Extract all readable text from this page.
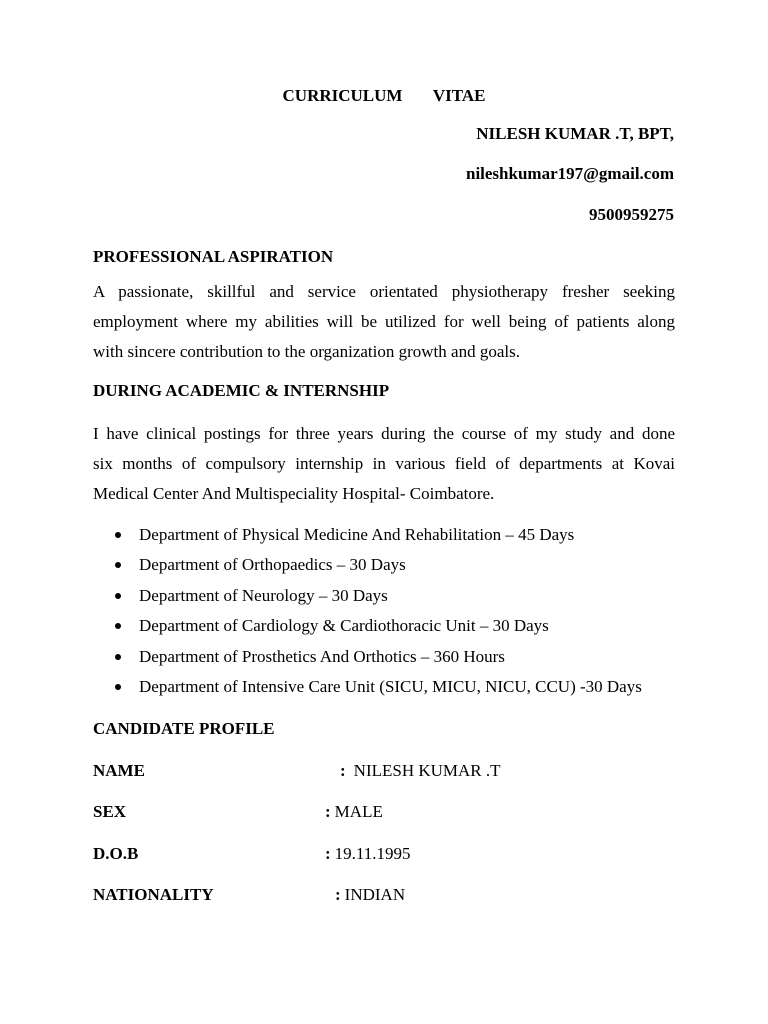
CURRICULUM   VITAE
NILESH KUMAR .T, BPT,
nileshkumar197@gmail.com
9500959275
PROFESSIONAL ASPIRATION
A passionate, skillful and service orientated physiotherapy fresher seeking
employment where my abilities will be utilized for well being of patients along
with sincere contribution to the organization growth and goals.
DURING ACADEMIC & INTERNSHIP
I have clinical postings for three years during the course of my study and done
six months of compulsory internship in various field of departments at Kovai
Medical Center And Multispeciality Hospital- Coimbatore.
Department of Physical Medicine And Rehabilitation – 45 Days
Department of Orthopaedics – 30 Days
Department of Neurology – 30 Days
Department of Cardiology & Cardiothoracic Unit – 30 Days
Department of Prosthetics And Orthotics – 360 Hours
Department of Intensive Care Unit (SICU, MICU, NICU, CCU) -30 Days
CANDIDATE PROFILE
NAME	: NILESH KUMAR .T
SEX	: MALE
D.O.B	: 19.11.1995
NATIONALITY	: INDIAN
